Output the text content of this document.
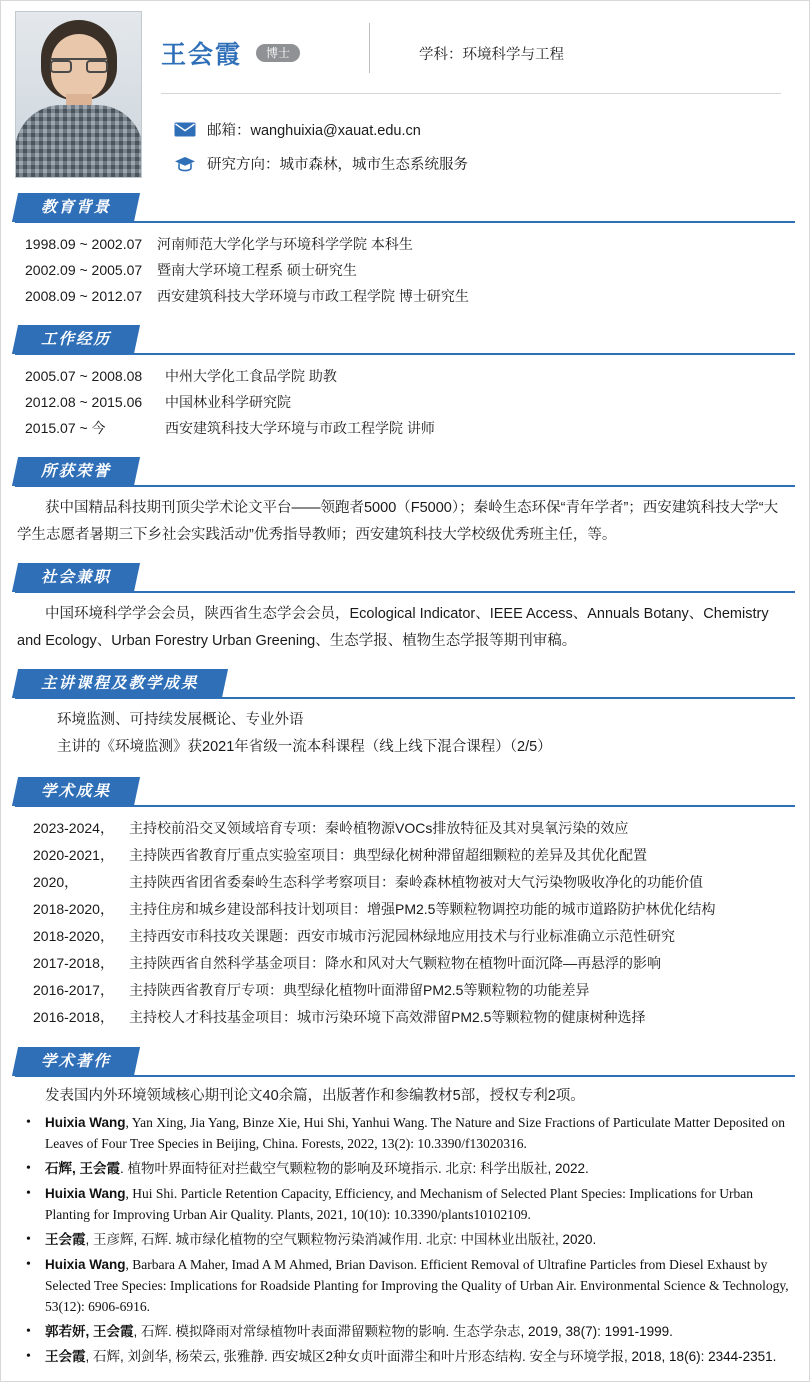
王会霞	博士	学科：环境科学与工程
邮箱：wanghuixia@xauat.edu.cn
研究方向：城市森林，城市生态系统服务
教育背景
1998.09 ~ 2002.07	河南师范大学化学与环境科学学院 本科生
2002.09 ~ 2005.07	暨南大学环境工程系 硕士研究生
2008.09 ~ 2012.07	西安建筑科技大学环境与市政工程学院 博士研究生
工作经历
2005.07 ~ 2008.08	中州大学化工食品学院 助教
2012.08 ~ 2015.06	中国林业科学研究院
2015.07 ~ 今	西安建筑科技大学环境与市政工程学院 讲师
所获荣誉
获中国精品科技期刊顶尖学术论文平台——领跑者5000（F5000）；秦岭生态环保“青年学者”；西安建筑科技大学“大学生志愿者暑期三下乡社会实践活动”优秀指导教师；西安建筑科技大学校级优秀班主任，等。
社会兼职
中国环境科学学会会员，陕西省生态学会会员，Ecological Indicator、IEEE Access、Annuals Botany、Chemistry and Ecology、Urban Forestry Urban Greening、生态学报、植物生态学报等期刊审稿。
主讲课程及教学成果
环境监测、可持续发展概论、专业外语
主讲的《环境监测》获2021年省级一流本科课程（线上线下混合课程）（2/5）
学术成果
2023-2024，	主持校前沿交叉领域培育专项：秦岭植物源VOCs排放特征及其对臭氧污染的效应
2020-2021，	主持陕西省教育厅重点实验室项目：典型绿化树种滞留超细颗粒的差异及其优化配置
2020，	主持陕西省团省委秦岭生态科学考察项目：秦岭森林植物被对大气污染物吸收净化的功能价值
2018-2020，	主持住房和城乡建设部科技计划项目：增强PM2.5等颗粒物调控功能的城市道路防护林优化结构
2018-2020，	主持西安市科技攻关课题：西安市城市污泥园林绿地应用技术与行业标准确立示范性研究
2017-2018，	主持陕西省自然科学基金项目：降水和风对大气颗粒物在植物叶面沉降—再悬浮的影响
2016-2017，	主持陕西省教育厅专项：典型绿化植物叶面滞留PM2.5等颗粒物的功能差异
2016-2018，	主持校人才科技基金项目：城市污染环境下高效滞留PM2.5等颗粒物的健康树种选择
学术著作
发表国内外环境领域核心期刊论文40余篇，出版著作和参编教材5部，授权专利2项。
• Huixia Wang, Yan Xing, Jia Yang, Binze Xie, Hui Shi, Yanhui Wang. The Nature and Size Fractions of Particulate Matter Deposited on Leaves of Four Tree Species in Beijing, China. Forests, 2022, 13(2): 10.3390/f13020316.
• 石辉, 王会霞. 植物叶界面特征对拦截空气颗粒物的影响及环境指示. 北京: 科学出版社, 2022.
• Huixia Wang, Hui Shi. Particle Retention Capacity, Efficiency, and Mechanism of Selected Plant Species: Implications for Urban Planting for Improving Urban Air Quality. Plants, 2021, 10(10): 10.3390/plants10102109.
• 王会霞, 王彦辉, 石辉. 城市绿化植物的空气颗粒物污染消减作用. 北京: 中国林业出版社, 2020.
• Huixia Wang, Barbara A Maher, Imad A M Ahmed, Brian Davison. Efficient Removal of Ultrafine Particles from Diesel Exhaust by Selected Tree Species: Implications for Roadside Planting for Improving the Quality of Urban Air. Environmental Science & Technology, 53(12): 6906-6916.
• 郭若妍, 王会霞, 石辉. 模拟降雨对常绿植物叶表面滞留颗粒物的影响. 生态学杂志, 2019, 38(7): 1991-1999.
• 王会霞, 石辉, 刘剑华, 杨荣云, 张雅静. 西安城区2种女贞叶面滞尘和叶片形态结构. 安全与环境学报, 2018, 18(6): 2344-2351.
